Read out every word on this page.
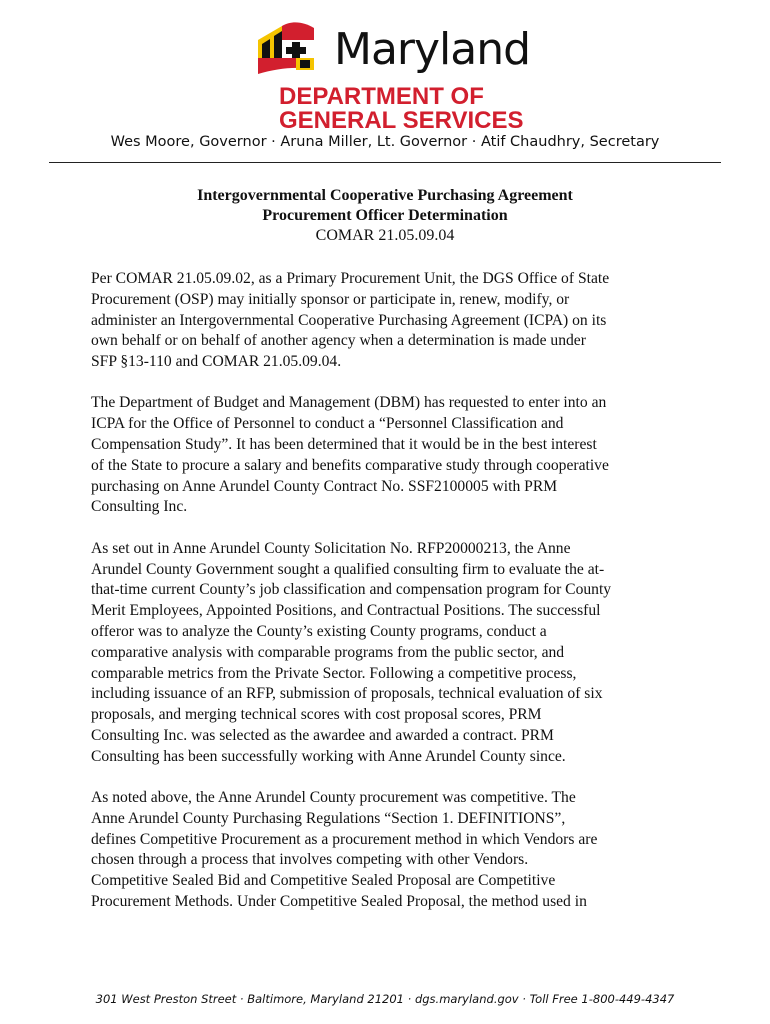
Maryland
DEPARTMENT OF
GENERAL SERVICES
Wes Moore, Governor · Aruna Miller, Lt. Governor · Atif Chaudhry, Secretary
Intergovernmental Cooperative Purchasing Agreement
Procurement Officer Determination
COMAR 21.05.09.04

Per COMAR 21.05.09.02, as a Primary Procurement Unit, the DGS Office of State
Procurement (OSP) may initially sponsor or participate in, renew, modify, or
administer an Intergovernmental Cooperative Purchasing Agreement (ICPA) on its
own behalf or on behalf of another agency when a determination is made under
SFP §13-110 and COMAR 21.05.09.04.

The Department of Budget and Management (DBM) has requested to enter into an
ICPA for the Office of Personnel to conduct a “Personnel Classification and
Compensation Study”. It has been determined that it would be in the best interest
of the State to procure a salary and benefits comparative study through cooperative
purchasing on Anne Arundel County Contract No. SSF2100005 with PRM
Consulting Inc.

As set out in Anne Arundel County Solicitation No. RFP20000213, the Anne
Arundel County Government sought a qualified consulting firm to evaluate the at-
that-time current County’s job classification and compensation program for County
Merit Employees, Appointed Positions, and Contractual Positions. The successful
offeror was to analyze the County’s existing County programs, conduct a
comparative analysis with comparable programs from the public sector, and
comparable metrics from the Private Sector. Following a competitive process,
including issuance of an RFP, submission of proposals, technical evaluation of six
proposals, and merging technical scores with cost proposal scores, PRM
Consulting Inc. was selected as the awardee and awarded a contract. PRM
Consulting has been successfully working with Anne Arundel County since.

As noted above, the Anne Arundel County procurement was competitive. The
Anne Arundel County Purchasing Regulations “Section 1. DEFINITIONS”,
defines Competitive Procurement as a procurement method in which Vendors are
chosen through a process that involves competing with other Vendors.
Competitive Sealed Bid and Competitive Sealed Proposal are Competitive
Procurement Methods. Under Competitive Sealed Proposal, the method used in

301 West Preston Street · Baltimore, Maryland 21201 · dgs.maryland.gov · Toll Free 1-800-449-4347
